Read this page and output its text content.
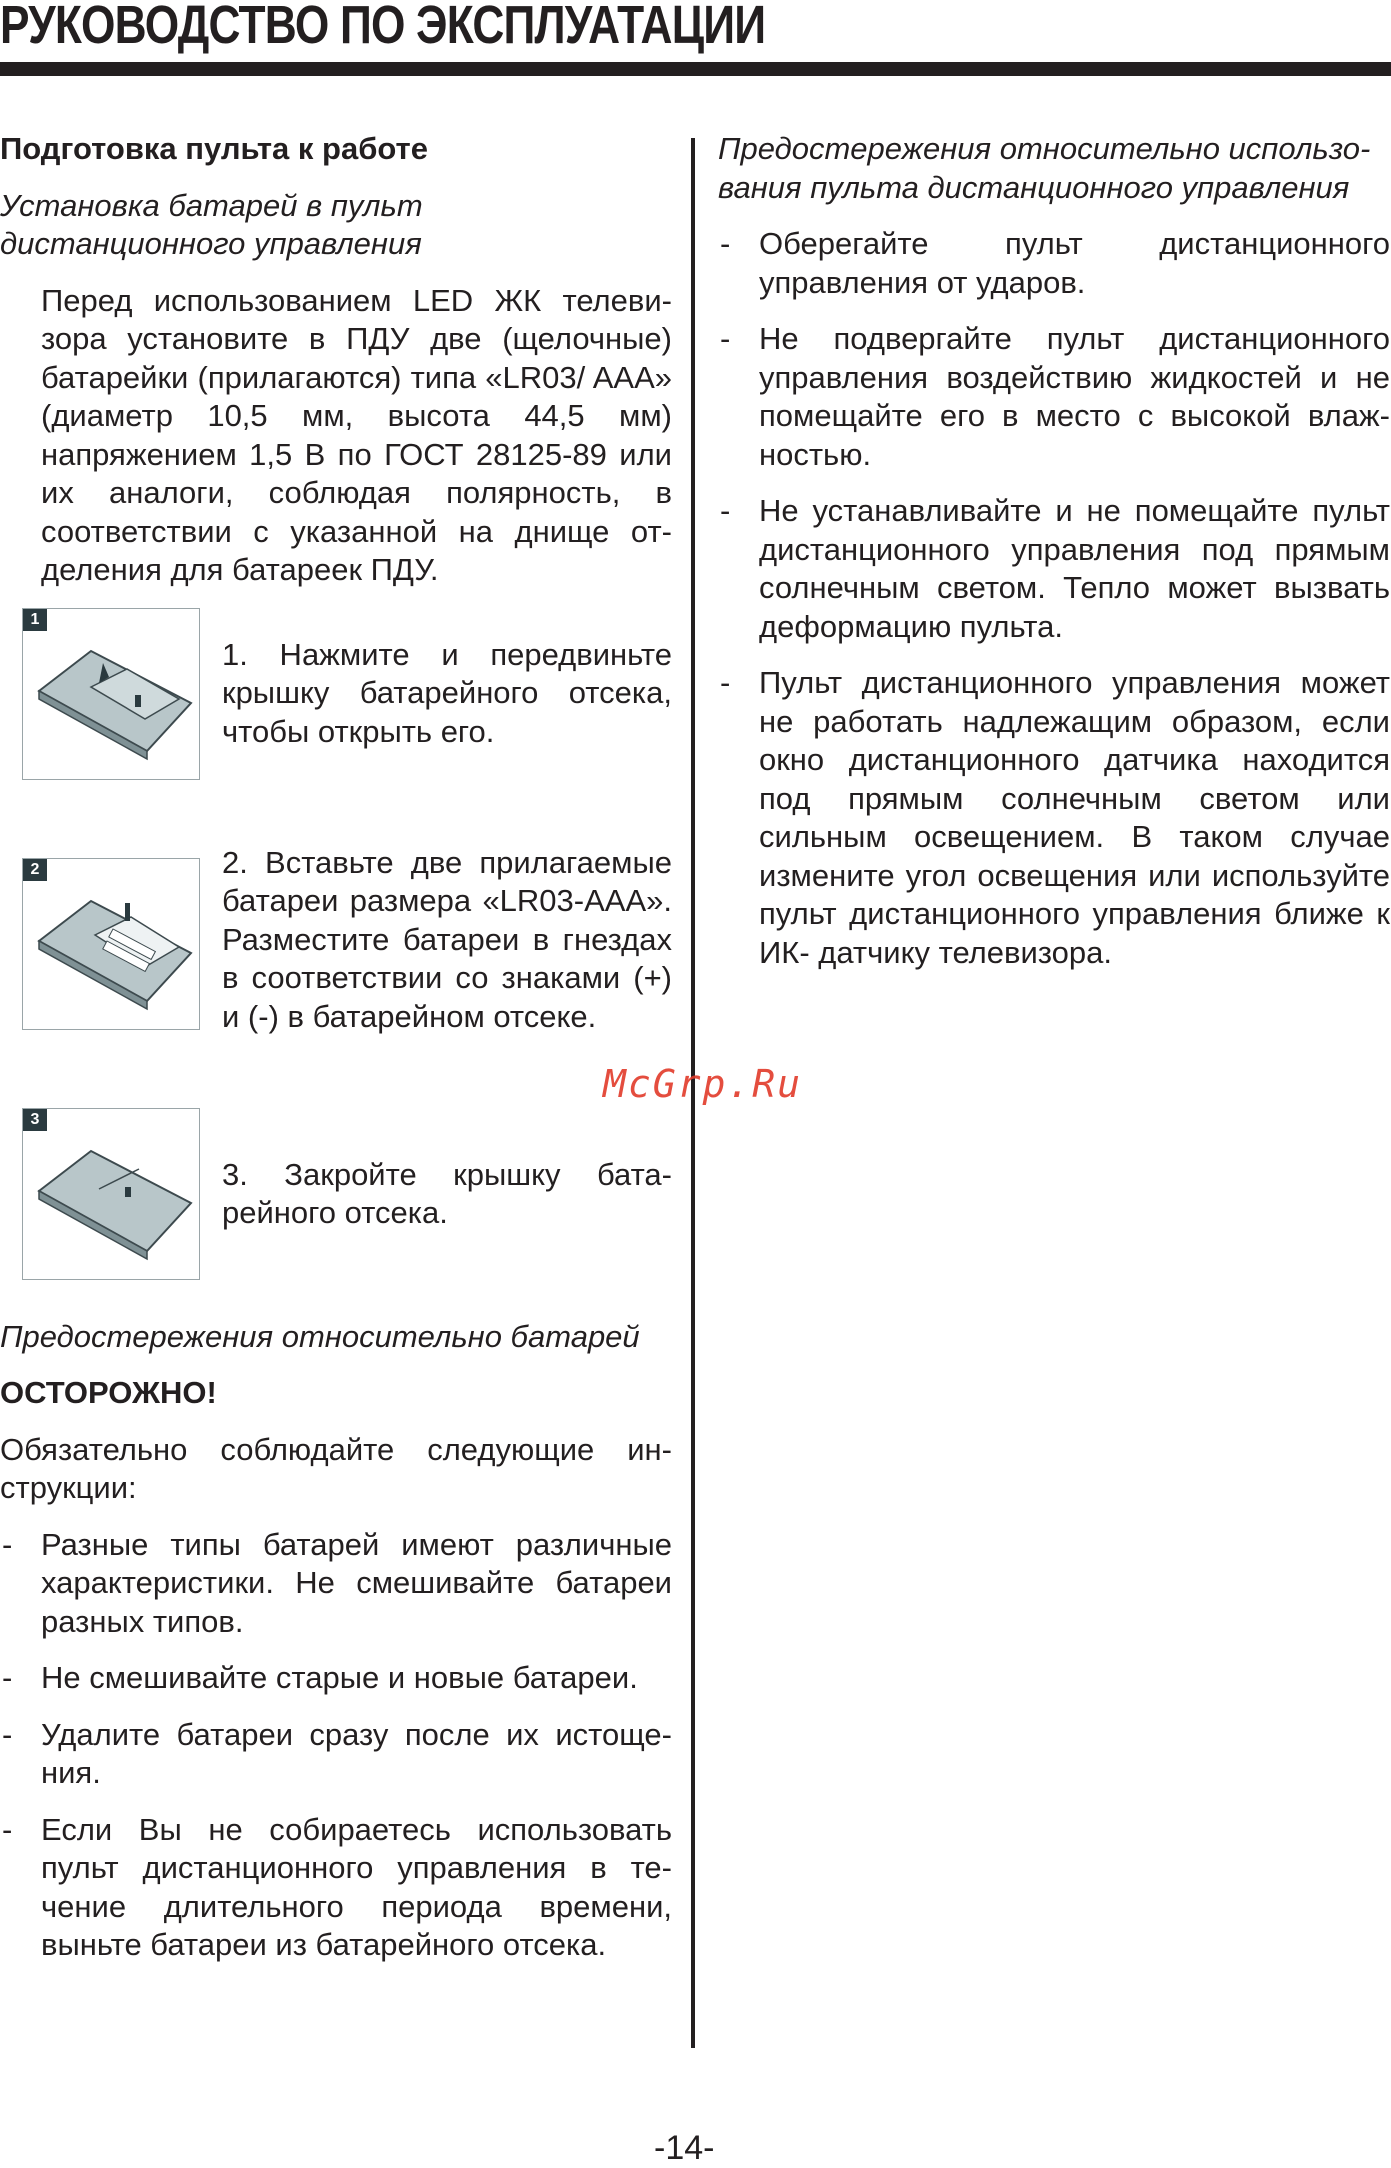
РУКОВОДСТВО ПО ЭКСПЛУАТАЦИИ
Подготовка пульта к работе
Установка батарей в пульт дистанционного управления
Перед использованием LED ЖК телевизора установите в ПДУ две (щелочные) батарейки (прилагаются) типа «LR03/ AAA» (диаметр 10,5 мм, высота 44,5 мм) напряжением 1,5 В по ГОСТ 28125-89 или их аналоги, соблюдая полярность, в соответствии с указанной на днище отделения для батареек ПДУ.
1
1. Нажмите и передвиньте крышку батарейного отсека, чтобы открыть его.
2	2. Вставьте две прилагаемые батареи размера «LR03-AAA». Разместите батареи в гнездах в соответствии со знаками (+) и (-) в батарейном отсеке.
3
3. Закройте крышку батарейного отсека.
Предостережения относительно батарей
ОСТОРОЖНО!
Обязательно соблюдайте следующие инструкции:
- Разные типы батарей имеют различные характеристики. Не смешивайте батареи разных типов.
- Не смешивайте старые и новые батареи.
- Удалите батареи сразу после их истощения.
- Если Вы не собираетесь использовать пульт дистанционного управления в течение длительного периода времени, выньте батареи из батарейного отсека.
Предостережения относительно использования пульта дистанционного управления
- Оберегайте пульт дистанционного управления от ударов.
- Не подвергайте пульт дистанционного управления воздействию жидкостей и не помещайте его в место с высокой влажностью.
- Не устанавливайте и не помещайте пульт дистанционного управления под прямым солнечным светом. Тепло может вызвать деформацию пульта.
- Пульт дистанционного управления может не работать надлежащим образом, если окно дистанционного датчика находится под прямым солнечным светом или сильным освещением. В таком случае измените угол освещения или используйте пульт дистанционного управления ближе к ИК- датчику телевизора.
McGrp.Ru
-14-
